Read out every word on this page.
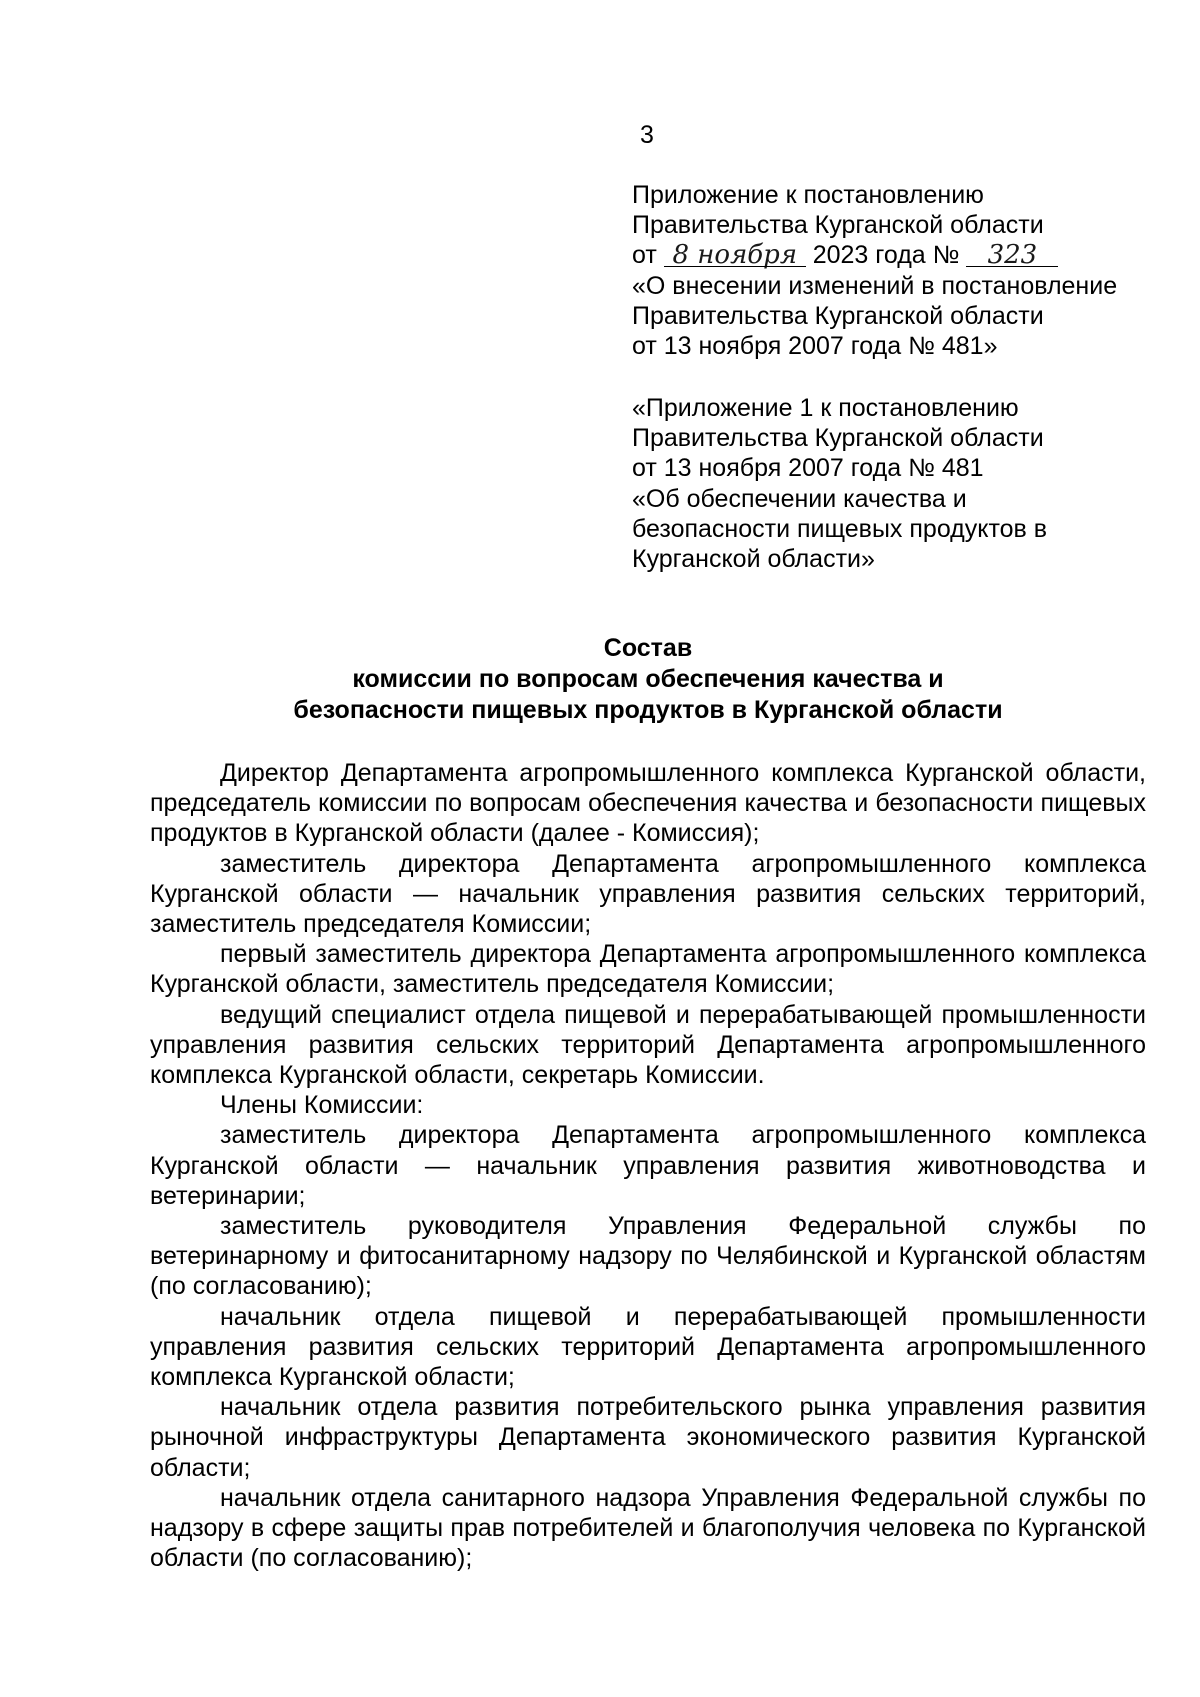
3
Приложение к постановлению
Правительства Курганской области
от 8 ноября 2023 года № 323
«О внесении изменений в постановление
Правительства Курганской области
от 13 ноября 2007 года № 481»
«Приложение 1 к постановлению
Правительства Курганской области
от 13 ноября 2007 года № 481
«Об обеспечении качества и
безопасности пищевых продуктов в
Курганской области»
Состав
комиссии по вопросам обеспечения качества и
безопасности пищевых продуктов в Курганской области

Директор Департамента агропромышленного комплекса Курганской области, председатель комиссии по вопросам обеспечения качества и безопасности пищевых продуктов в Курганской области (далее - Комиссия);

заместитель директора Департамента агропромышленного комплекса Курганской области — начальник управления развития сельских территорий, заместитель председателя Комиссии;

первый заместитель директора Департамента агропромышленного комплекса Курганской области, заместитель председателя Комиссии;

ведущий специалист отдела пищевой и перерабатывающей промышленности управления развития сельских территорий Департамента агропромышленного комплекса Курганской области, секретарь Комиссии.

Члены Комиссии:

заместитель директора Департамента агропромышленного комплекса Курганской области — начальник управления развития животноводства и ветеринарии;

заместитель руководителя Управления Федеральной службы по ветеринарному и фитосанитарному надзору по Челябинской и Курганской областям (по согласованию);

начальник отдела пищевой и перерабатывающей промышленности управления развития сельских территорий Департамента агропромышленного комплекса Курганской области;

начальник отдела развития потребительского рынка управления развития рыночной инфраструктуры Департамента экономического развития Курганской области;

начальник отдела санитарного надзора Управления Федеральной службы по надзору в сфере защиты прав потребителей и благополучия человека по Курганской области (по согласованию);
